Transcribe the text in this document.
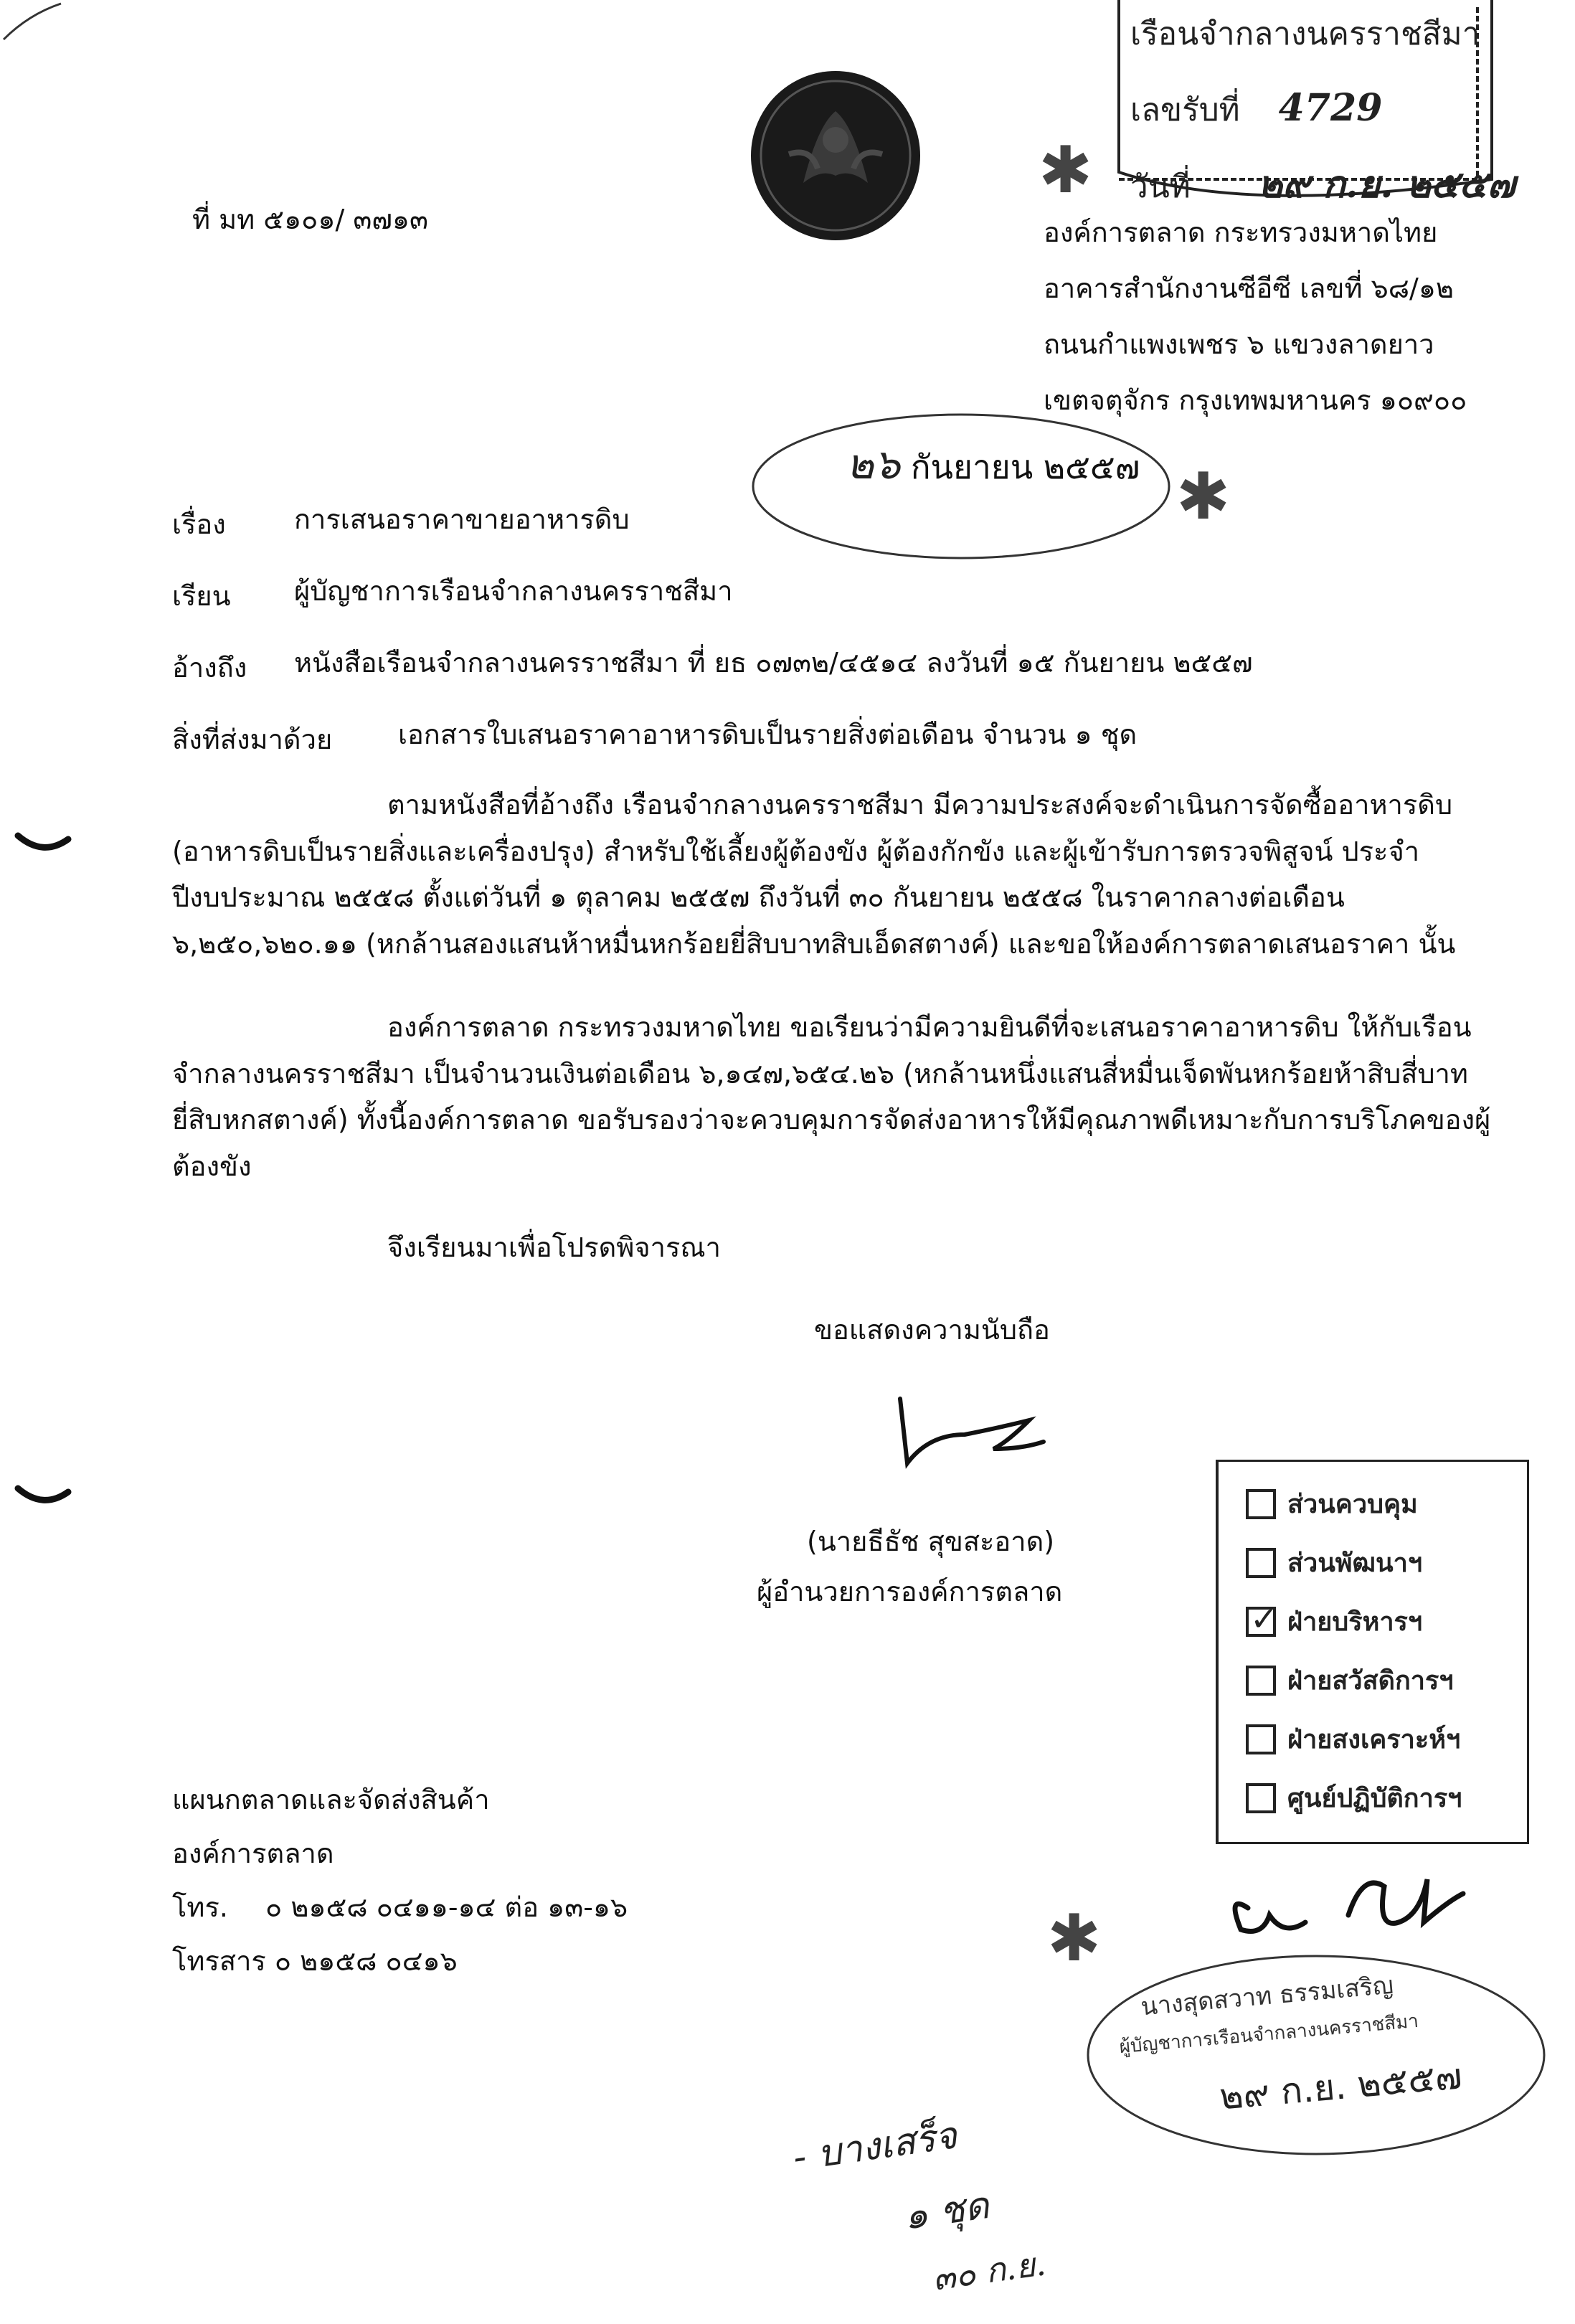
เรือนจำกลางนครราชสีมา
เลขรับที่ 4729
วันที่ ๒๙ ก.ย. ๒๕๕๗
✱
✱
✱
ที่ มท ๕๑๐๑/ ๓๗๑๓	องค์การตลาด กระทรวงมหาดไทย
อาคารสำนักงานซีอีซี เลขที่ ๖๘/๑๒
ถนนกำแพงเพชร ๖ แขวงลาดยาว
เขตจตุจักร กรุงเทพมหานคร ๑๐๙๐๐
๒๖ กันยายน ๒๕๕๗
เรื่อง	การเสนอราคาขายอาหารดิบ
เรียน ผู้บัญชาการเรือนจำกลางนครราชสีมา
อ้างถึง หนังสือเรือนจำกลางนครราชสีมา ที่ ยธ ๐๗๓๒/๔๕๑๔ ลงวันที่ ๑๕ กันยายน ๒๕๕๗
สิ่งที่ส่งมาด้วย เอกสารใบเสนอราคาอาหารดิบเป็นรายสิ่งต่อเดือน จำนวน ๑ ชุด
ตามหนังสือที่อ้างถึง เรือนจำกลางนครราชสีมา มีความประสงค์จะดำเนินการจัดซื้ออาหารดิบ (อาหารดิบเป็นรายสิ่งและเครื่องปรุง) สำหรับใช้เลี้ยงผู้ต้องขัง ผู้ต้องกักขัง และผู้เข้ารับการตรวจพิสูจน์ ประจำปีงบประมาณ ๒๕๕๘ ตั้งแต่วันที่ ๑ ตุลาคม ๒๕๕๗ ถึงวันที่ ๓๐ กันยายน ๒๕๕๘ ในราคากลางต่อเดือน ๖,๒๕๐,๖๒๐.๑๑ (หกล้านสองแสนห้าหมื่นหกร้อยยี่สิบบาทสิบเอ็ดสตางค์) และขอให้องค์การตลาดเสนอราคา นั้น
องค์การตลาด กระทรวงมหาดไทย ขอเรียนว่ามีความยินดีที่จะเสนอราคาอาหารดิบ ให้กับเรือนจำกลางนครราชสีมา เป็นจำนวนเงินต่อเดือน ๖,๑๔๗,๖๕๔.๒๖ (หกล้านหนึ่งแสนสี่หมื่นเจ็ดพันหกร้อยห้าสิบสี่บาทยี่สิบหกสตางค์) ทั้งนี้องค์การตลาด ขอรับรองว่าจะควบคุมการจัดส่งอาหารให้มีคุณภาพดีเหมาะกับการบริโภคของผู้ต้องขัง
จึงเรียนมาเพื่อโปรดพิจารณา
ขอแสดงความนับถือ
(นายธีธัช สุขสะอาด)
ผู้อำนวยการองค์การตลาด
ส่วนควบคุม
ส่วนพัฒนาฯ
✓
ฝ่ายบริหารฯ
ฝ่ายสวัสดิการฯ
ฝ่ายสงเคราะห์ฯ
ศูนย์ปฏิบัติการฯ
แผนกตลาดและจัดส่งสินค้า
องค์การตลาด
โทร. ๐ ๒๑๕๘ ๐๔๑๑-๑๔ ต่อ ๑๓-๑๖
โทรสาร ๐ ๒๑๕๘ ๐๔๑๖
นางสุดสวาท ธรรมเสริญ
ผู้บัญชาการเรือนจำกลางนครราชสีมา
๒๙ ก.ย. ๒๕๕๗
- บางเสร็จ
๑ ชุด
๓๐ ก.ย.
